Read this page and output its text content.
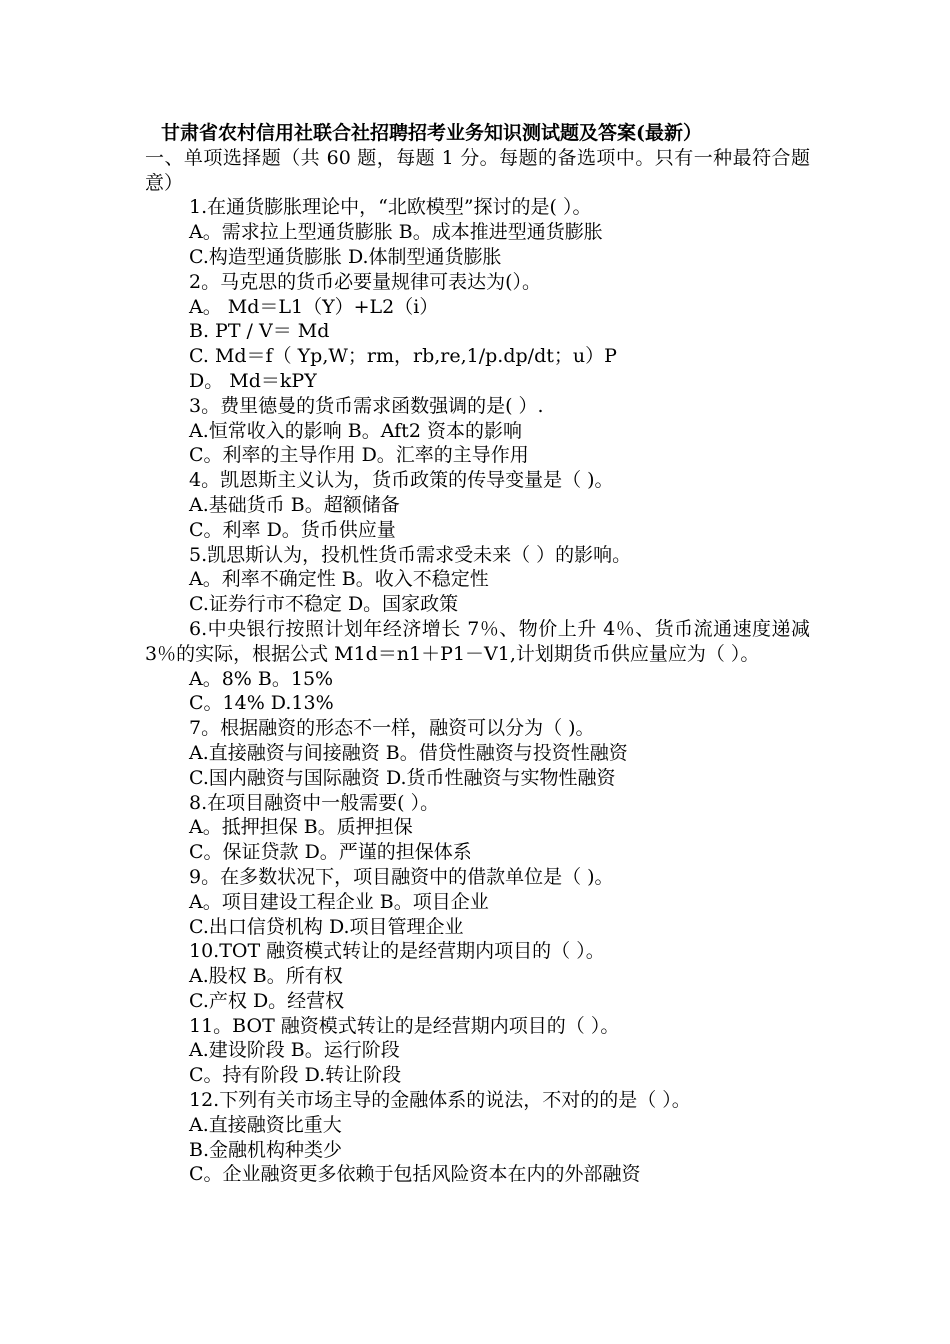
甘肃省农村信用社联合社招聘招考业务知识测试题及答案(最新）
一、单项选择题（共 60 题，每题 1 分。每题的备选项中。只有一种最符合题意）
1.在通货膨胀理论中，“北欧模型”探讨的是( ）。
A。需求拉上型通货膨胀 B。成本推进型通货膨胀
C.构造型通货膨胀 D.体制型通货膨胀
2。马克思的货币必要量规律可表达为(）。
A。 Md＝L1（Y）+L2（i）
B. PT / V＝ Md
C. Md＝f（ Yp,W；rm，rb,re,1/p.dp/dt；u）P
D。 Md＝kPY
3。费里德曼的货币需求函数强调的是( ）.
A.恒常收入的影响 B。Aft2 资本的影响
C。利率的主导作用 D。汇率的主导作用
4。凯恩斯主义认为，货币政策的传导变量是（ )。
A.基础货币 B。超额储备
C。利率 D。货币供应量
5.凯思斯认为，投机性货币需求受未来（ ）的影响。
A。利率不确定性 B。收入不稳定性
C.证券行市不稳定 D。国家政策
6.中央银行按照计划年经济增长 7％、物价上升 4％、货币流通速度递减 3％的实际，根据公式 M1d＝n1＋P1－V1,计划期货币供应量应为（ ）。
A。8% B。15%
C。14% D.13%
7。根据融资的形态不一样，融资可以分为（ )。
A.直接融资与间接融资 B。借贷性融资与投资性融资
C.国内融资与国际融资 D.货币性融资与实物性融资
8.在项目融资中一般需要( ）。
A。抵押担保 B。质押担保
C。保证贷款 D。严谨的担保体系
9。在多数状况下，项目融资中的借款单位是（ )。
A。项目建设工程企业 B。项目企业
C.出口信贷机构 D.项目管理企业
10.TOT 融资模式转让的是经营期内项目的（ ）。
A.股权 B。所有权
C.产权 D。经营权
11。BOT 融资模式转让的是经营期内项目的（ ）。
A.建设阶段 B。运行阶段
C。持有阶段 D.转让阶段
12.下列有关市场主导的金融体系的说法，不对的的是（ ）。
A.直接融资比重大
B.金融机构种类少
C。企业融资更多依赖于包括风险资本在内的外部融资
